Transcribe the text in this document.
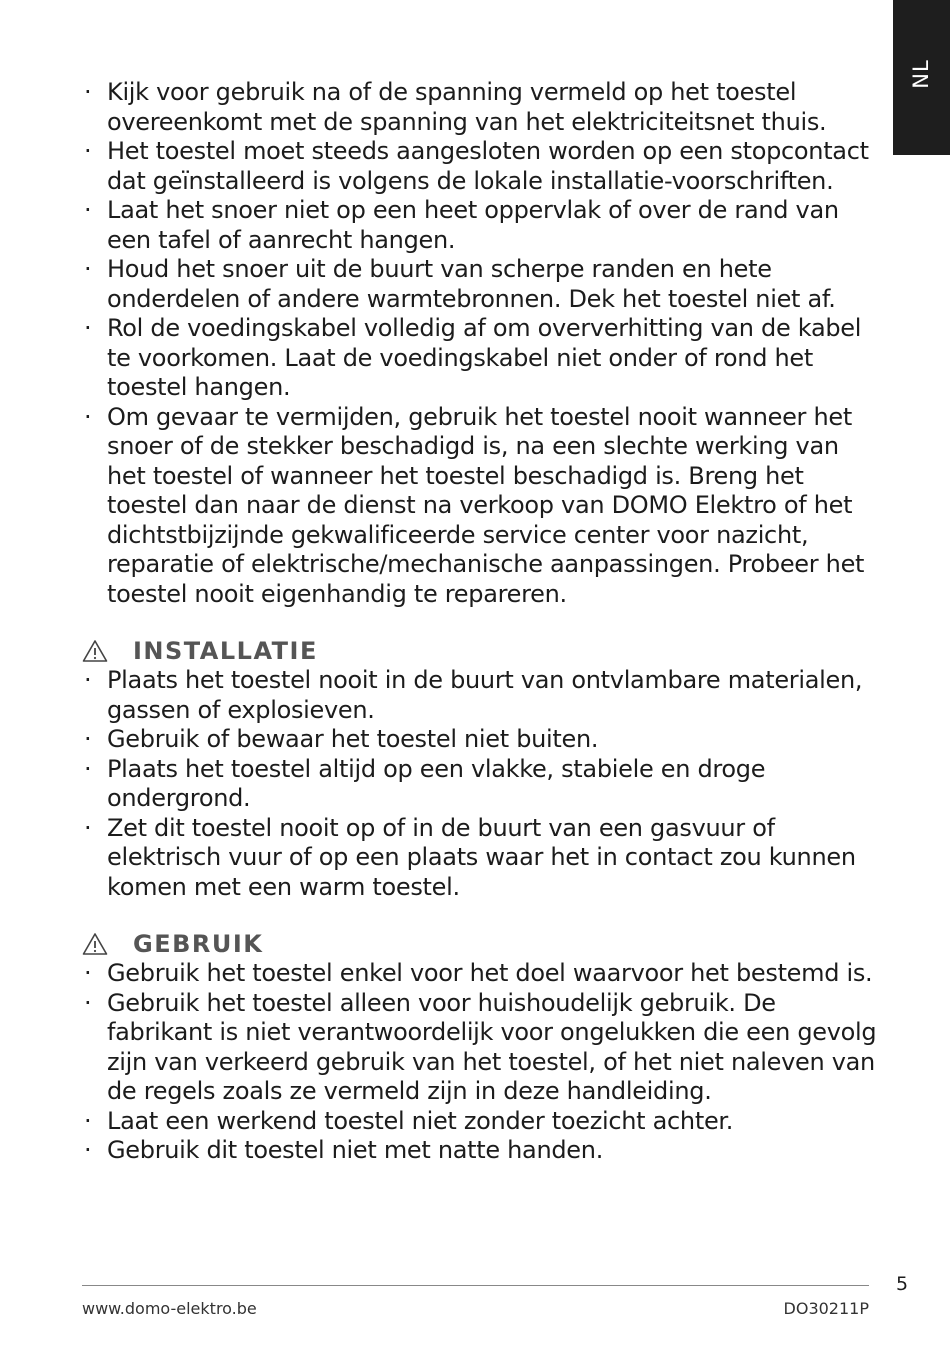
NL
· Kijk voor gebruik na of de spanning vermeld op het toestel overeenkomt met de spanning van het elektriciteitsnet thuis.
· Het toestel moet steeds aangesloten worden op een stopcontact dat geïnstalleerd is volgens de lokale installatie-voorschriften.
· Laat het snoer niet op een heet oppervlak of over de rand van een tafel of aanrecht hangen.
· Houd het snoer uit de buurt van scherpe randen en hete onderdelen of andere warmtebronnen. Dek het toestel niet af.
· Rol de voedingskabel volledig af om oververhitting van de kabel te voorkomen. Laat de voedingskabel niet onder of rond het toestel hangen.
· Om gevaar te vermijden, gebruik het toestel nooit wanneer het snoer of de stekker beschadigd is, na een slechte werking van het toestel of wanneer het toestel beschadigd is. Breng het toestel dan naar de dienst na verkoop van DOMO Elektro of het dichtstbijzijnde gekwalificeerde service center voor nazicht, reparatie of elektrische/mechanische aanpassingen. Probeer het toestel nooit eigenhandig te repareren.
INSTALLATIE
· Plaats het toestel nooit in de buurt van ontvlambare materialen, gassen of explosieven.
· Gebruik of bewaar het toestel niet buiten.
· Plaats het toestel altijd op een vlakke, stabiele en droge ondergrond.
· Zet dit toestel nooit op of in de buurt van een gasvuur of elektrisch vuur of op een plaats waar het in contact zou kunnen komen met een warm toestel.
GEBRUIK
· Gebruik het toestel enkel voor het doel waarvoor het bestemd is.
· Gebruik het toestel alleen voor huishoudelijk gebruik. De fabrikant is niet verantwoordelijk voor ongelukken die een gevolg zijn van verkeerd gebruik van het toestel, of het niet naleven van de regels zoals ze vermeld zijn in deze handleiding.
· Laat een werkend toestel niet zonder toezicht achter.
· Gebruik dit toestel niet met natte handen.
5
www.domo-elektro.be	DO30211P
